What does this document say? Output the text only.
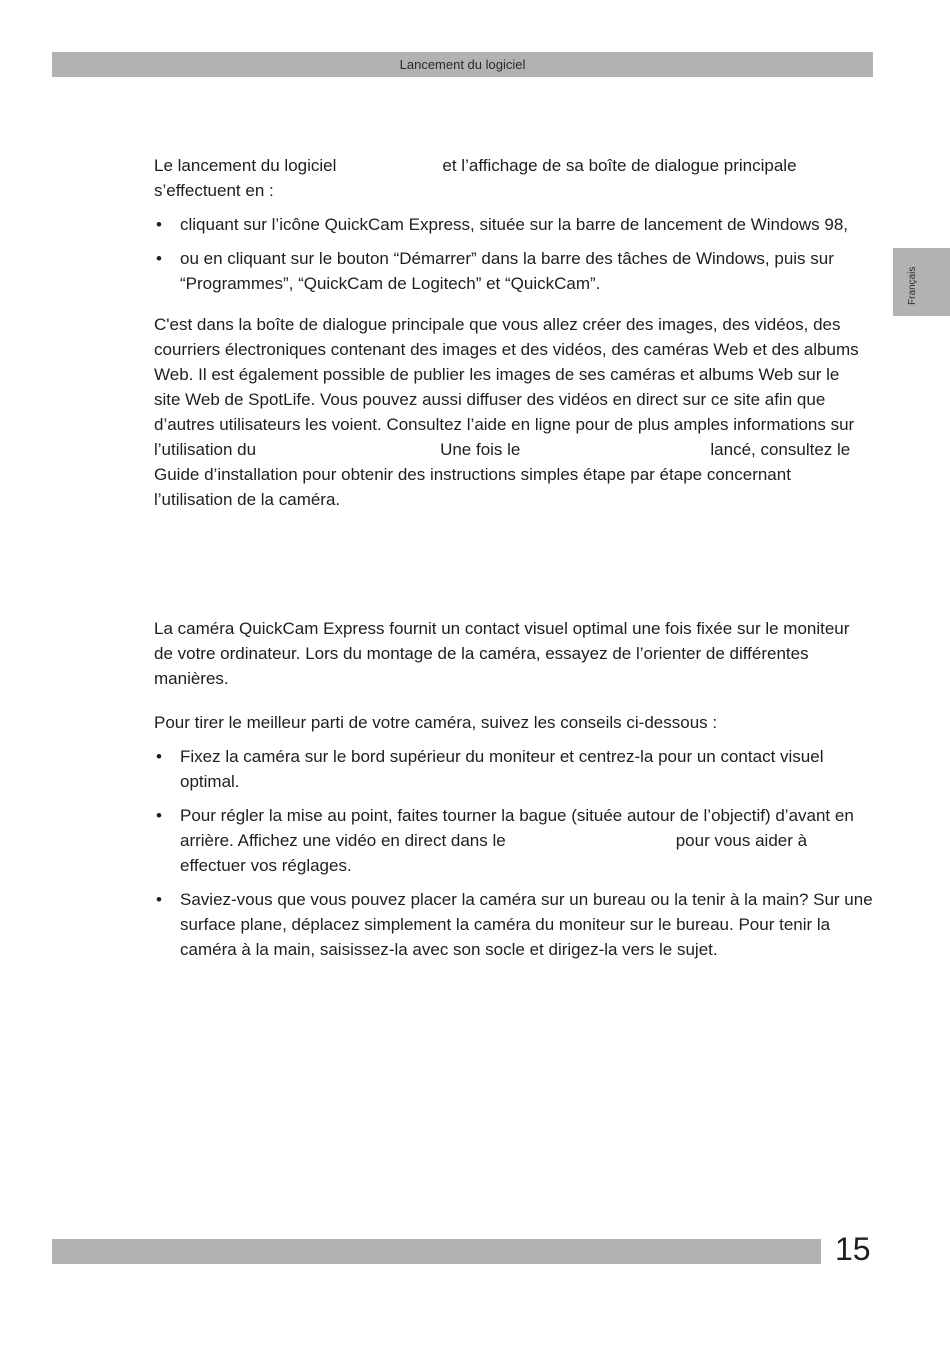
Lancement du logiciel
Français

Le lancement du logiciel	et l’affichage de sa boîte de dialogue principale s’effectuent en :

• cliquant sur l’icône QuickCam Express, située sur la barre de lancement de Windows 98,
• ou en cliquant sur le bouton “Démarrer” dans la barre des tâches de Windows, puis sur “Programmes”, “QuickCam de Logitech” et “QuickCam”.

C'est dans la boîte de dialogue principale que vous allez créer des images, des vidéos, des courriers électroniques contenant des images et des vidéos, des caméras Web et des albums Web. Il est également possible de publier les images de ses caméras et albums Web sur le site Web de SpotLife. Vous pouvez aussi diffuser des vidéos en direct sur ce site afin que d’autres utilisateurs les voient. Consultez l’aide en ligne pour de plus amples informations sur l’utilisation du	Une fois le	lancé, consultez le Guide d’installation pour obtenir des instructions simples étape par étape concernant l’utilisation de la caméra.

La caméra QuickCam Express fournit un contact visuel optimal une fois fixée sur le moniteur de votre ordinateur. Lors du montage de la caméra, essayez de l’orienter de différentes manières.

Pour tirer le meilleur parti de votre caméra, suivez les conseils ci-dessous :

• Fixez la caméra sur le bord supérieur du moniteur et centrez-la pour un contact visuel optimal.
• Pour régler la mise au point, faites tourner la bague (située autour de l’objectif) d’avant en arrière. Affichez une vidéo en direct dans le	pour vous aider à effectuer vos réglages.
• Saviez-vous que vous pouvez placer la caméra sur un bureau ou la tenir à la main? Sur une surface plane, déplacez simplement la caméra du moniteur sur le bureau. Pour tenir la caméra à la main, saisissez-la avec son socle et dirigez-la vers le sujet.
15
